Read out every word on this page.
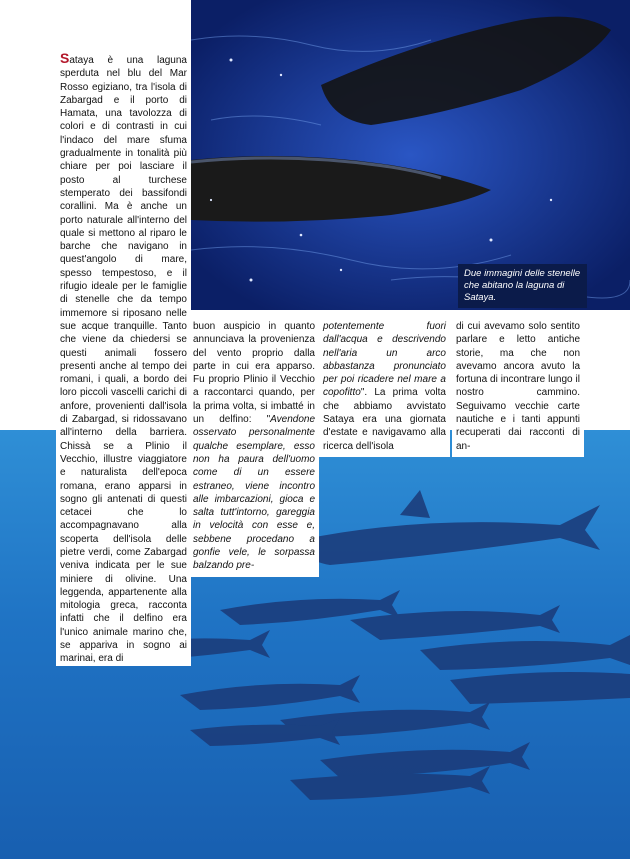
Due immagini delle stenelle che abitano la laguna di Sataya.

Sataya è una laguna sperduta nel blu del Mar Rosso egiziano, tra l'isola di Zabargad e il porto di Hamata, una tavolozza di colori e di contrasti in cui l'indaco del mare sfuma gradualmente in tonalità più chiare per poi lasciare il posto al turchese stemperato dei bassifondi corallini. Ma è anche un porto naturale all'interno del quale si mettono al riparo le barche che navigano in quest'angolo di mare, spesso tempestoso, e il rifugio ideale per le famiglie di stenelle che da tempo immemore si riposano nelle sue acque tranquille. Tanto che viene da chiedersi se questi animali fossero presenti anche al tempo dei romani, i quali, a bordo dei loro piccoli vascelli carichi di anfore, provenienti dall'isola di Zabargad, si ridossavano all'interno della barriera. Chissà se a Plinio il Vecchio, illustre viaggiatore e naturalista dell'epoca romana, erano apparsi in sogno gli antenati di questi cetacei che lo accompagnavano alla scoperta dell'isola delle pietre verdi, come Zabargad veniva indicata per le sue miniere di olivine. Una leggenda, appartenente alla mitologia greca, racconta infatti che il delfino era l'unico animale marino che, se appariva in sogno ai marinai, era di

buon auspicio in quanto annunciava la provenienza del vento proprio dalla parte in cui era apparso. Fu proprio Plinio il Vecchio a raccontarci quando, per la prima volta, si imbatté in un delfino: "Avendone osservato personalmente qualche esemplare, esso non ha paura dell'uomo come di un essere estraneo, viene incontro alle imbarcazioni, gioca e salta tutt'intorno, gareggia in velocità con esse e, sebbene procedano a gonfie vele, le sorpassa balzando pre-

potentemente fuori dall'acqua e descrivendo nell'aria un arco abbastanza pronunciato per poi ricadere nel mare a copofitto". La prima volta che abbiamo avvistato Sataya era una giornata d'estate e navigavamo alla ricerca dell'isola

di cui avevamo solo sentito parlare e letto antiche storie, ma che non avevamo ancora avuto la fortuna di incontrare lungo il nostro cammino. Seguivamo vecchie carte nautiche e i tanti appunti recuperati dai racconti di an-
